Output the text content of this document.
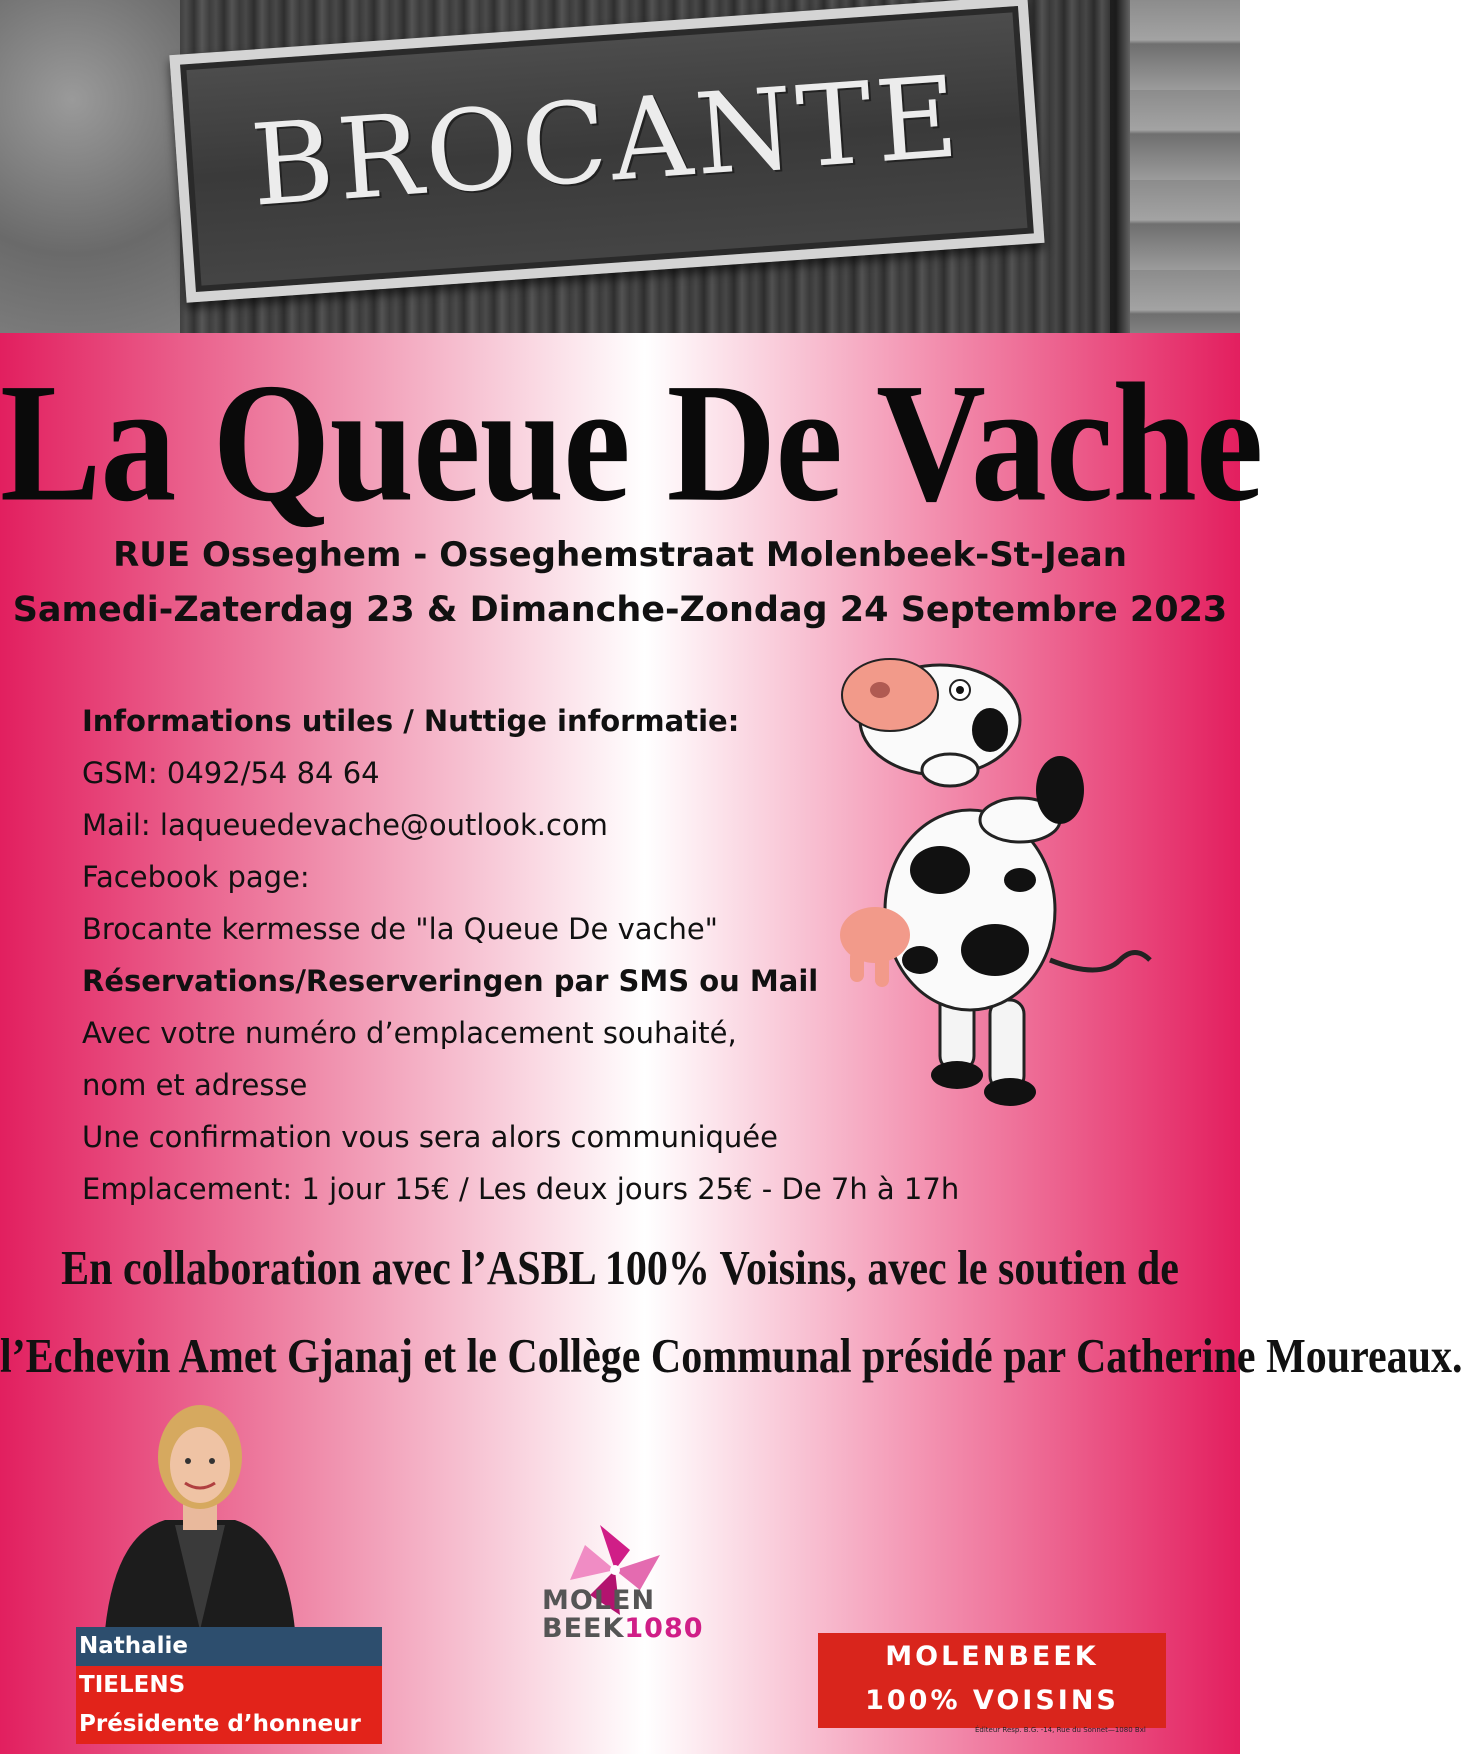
BROCANTE
La Queue De Vache
RUE Osseghem - Osseghemstraat Molenbeek-St-Jean
Samedi-Zaterdag 23 & Dimanche-Zondag 24 Septembre 2023
Informations utiles / Nuttige informatie:
GSM: 0492/54 84 64
Mail: laqueuedevache@outlook.com
Facebook page:
Brocante kermesse de "la Queue De vache"
Réservations/Reserveringen par SMS ou Mail
Avec votre numéro d’emplacement souhaité,
nom et adresse
Une confirmation vous sera alors communiquée
Emplacement: 1 jour 15€ / Les deux jours 25€ - De 7h à 17h
En collaboration avec l’ASBL 100% Voisins, avec le soutien de
l’Echevin Amet Gjanaj et le Collège Communal présidé par Catherine Moureaux.
Nathalie
TIELENS
Présidente d’honneur
MOLEN
BEEK1080
MOLENBEEK
100% VOISINS
Éditeur Resp. B.G. -14, Rue du Sonnet—1080 Bxl
